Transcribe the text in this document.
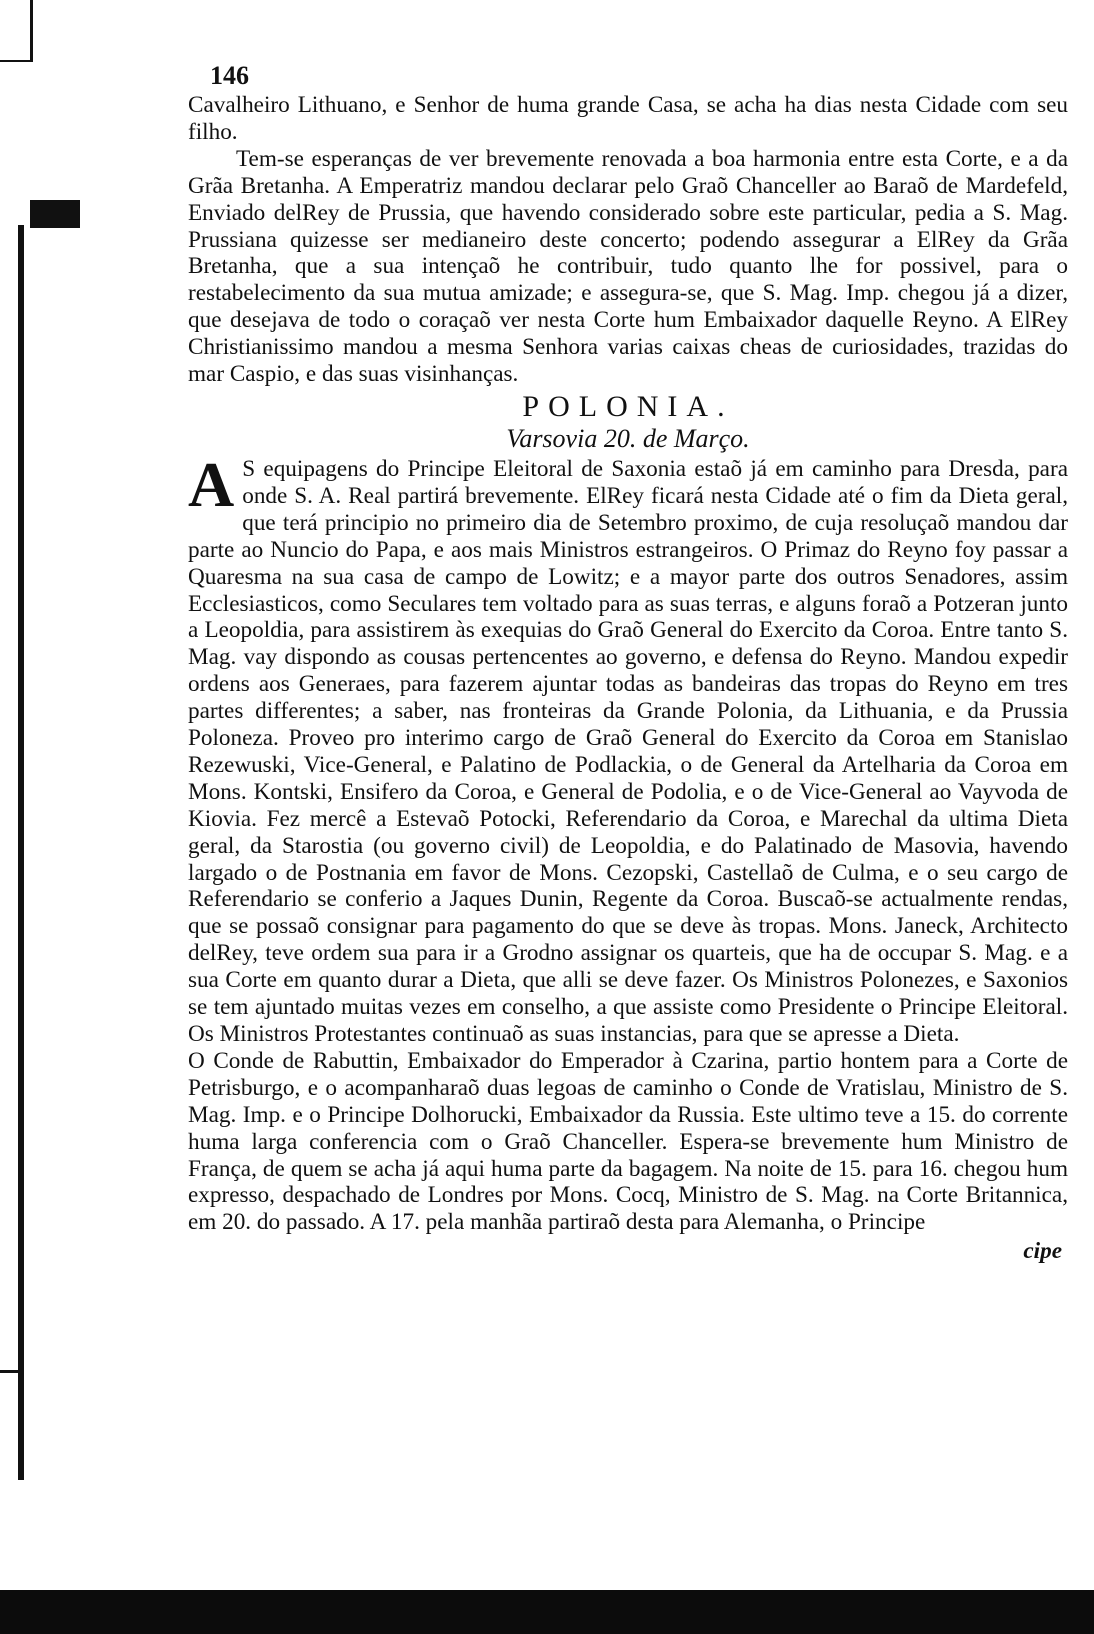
146

Cavalheiro Lithuano, e Senhor de huma grande Casa, se acha ha dias nesta Cidade com seu filho.

Tem-se esperanças de ver brevemente renovada a boa harmonia entre esta Corte, e a da Grãa Bretanha. A Emperatriz mandou declarar pelo Graõ Chanceller ao Baraõ de Mardefeld, Enviado delRey de Prussia, que havendo considerado sobre este particular, pedia a S. Mag. Prussiana quizesse ser medianeiro deste concerto; podendo assegurar a ElRey da Grãa Bretanha, que a sua intençaõ he contribuir, tudo quanto lhe for possivel, para o restabelecimento da sua mutua amizade; e assegura-se, que S. Mag. Imp. chegou já a dizer, que desejava de todo o coraçaõ ver nesta Corte hum Embaixador daquelle Reyno. A ElRey Christianissimo mandou a mesma Senhora varias caixas cheas de curiosidades, trazidas do mar Caspio, e das suas visinhanças.

POLONIA.
Varsovia 20. de Março.

AS equipagens do Principe Eleitoral de Saxonia estaõ já em caminho para Dresda, para onde S. A. Real partirá brevemente. ElRey ficará nesta Cidade até o fim da Dieta geral, que terá principio no primeiro dia de Setembro proximo, de cuja resoluçaõ mandou dar parte ao Nuncio do Papa, e aos mais Ministros estrangeiros. O Primaz do Reyno foy passar a Quaresma na sua casa de campo de Lowitz; e a mayor parte dos outros Senadores, assim Ecclesiasticos, como Seculares tem voltado para as suas terras, e alguns foraõ a Potzeran junto a Leopoldia, para assistirem às exequias do Graõ General do Exercito da Coroa. Entre tanto S. Mag. vay dispondo as cousas pertencentes ao governo, e defensa do Reyno. Mandou expedir ordens aos Generaes, para fazerem ajuntar todas as bandeiras das tropas do Reyno em tres partes differentes; a saber, nas fronteiras da Grande Polonia, da Lithuania, e da Prussia Poloneza. Proveo pro interimo cargo de Graõ General do Exercito da Coroa em Stanislao Rezewuski, Vice-General, e Palatino de Podlackia, o de General da Artelharia da Coroa em Mons. Kontski, Ensifero da Coroa, e General de Podolia, e o de Vice-General ao Vayvoda de Kiovia. Fez mercê a Estevaõ Potocki, Referendario da Coroa, e Marechal da ultima Dieta geral, da Starostia (ou governo civil) de Leopoldia, e do Palatinado de Masovia, havendo largado o de Postnania em favor de Mons. Cezopski, Castellaõ de Culma, e o seu cargo de Referendario se conferio a Jaques Dunin, Regente da Coroa. Buscaõ-se actualmente rendas, que se possaõ consignar para pagamento do que se deve às tropas. Mons. Janeck, Architecto delRey, teve ordem sua para ir a Grodno assignar os quarteis, que ha de occupar S. Mag. e a sua Corte em quanto durar a Dieta, que alli se deve fazer. Os Ministros Polonezes, e Saxonios se tem ajuntado muitas vezes em conselho, a que assiste como Presidente o Principe Eleitoral. Os Ministros Protestantes continuaõ as suas instancias, para que se apresse a Dieta.

O Conde de Rabuttin, Embaixador do Emperador à Czarina, partio hontem para a Corte de Petrisburgo, e o acompanharaõ duas legoas de caminho o Conde de Vratislau, Ministro de S. Mag. Imp. e o Principe Dolhorucki, Embaixador da Russia. Este ultimo teve a 15. do corrente huma larga conferencia com o Graõ Chanceller. Espera-se brevemente hum Ministro de França, de quem se acha já aqui huma parte da bagagem. Na noite de 15. para 16. chegou hum expresso, despachado de Londres por Mons. Cocq, Ministro de S. Mag. na Corte Britannica, em 20. do passado. A 17. pela manhãa partiraõ desta para Alemanha, o Principe

cipe
